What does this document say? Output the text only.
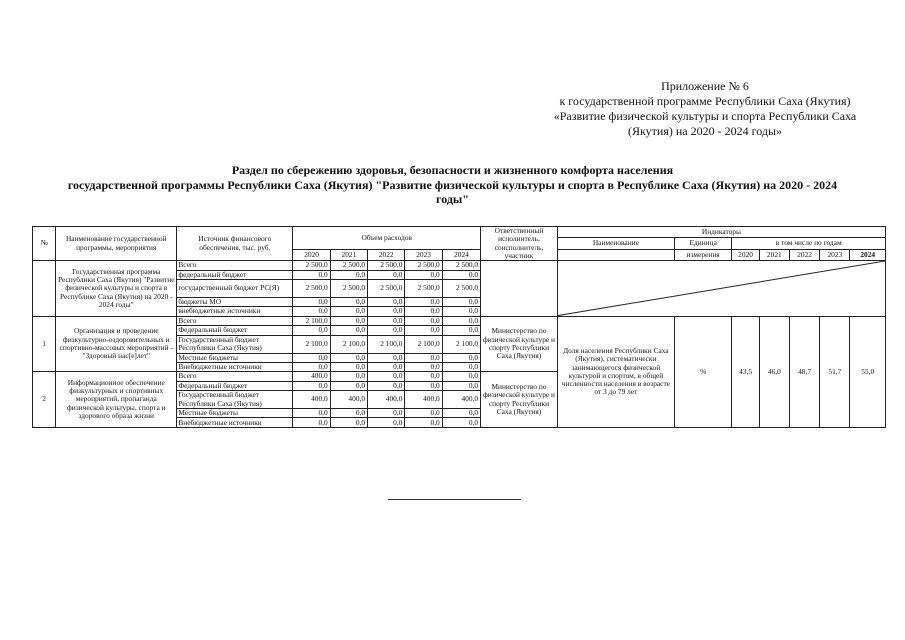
Приложение № 6
к государственной программе Республики Саха (Якутия)
«Развитие физической культуры и спорта Республики Саха
(Якутия) на 2020 - 2024 годы»
Раздел по сбережению здоровья, безопасности и жизненного комфорта населения
государственной программы Республики Саха (Якутия) "Развитие физической культуры и спорта в Республике Саха (Якутия) на 2020 - 2024
годы"
№	Наименование государственной программы, мероприятия	Источник финансового обеспечения, тыс. руб.	Объем расходов					Ответственный исполнитель, соисполнитель, участник	Индикаторы						
									Наименование	Единица	в том числе по годам				

			2020	2021	2022	2023	2024			измерения	2020	2021	2022	2023	2024
	Государственная программа Республики Саха (Якутия) "Развитие физической культуры и спорта в Республике Саха (Якутия) на 2020 - 2024 годы"	Всего	2 500,0	2 500,0	2 500,0	2 500,0	2 500,0		

		федеральный бюджет	0,0	0,0	0,0	0,0	0,0								
		государственный бюджет РС(Я)	2 500,0	2 500,0	2 500,0	2 500,0	2 500,0								
		бюджеты МО	0,0	0,0	0,0	0,0	0,0								
		внебюджетные источники	0,0	0,0	0,0	0,0	0,0								
1	Организация и проведение физкультурно-оздоровительных и спортивно-массовых мероприятий - "Здоровый нас[е]лет"	Всего	2 100,0	0,0	0,0	0,0	0,0	Министерство по физической культуре и спорту Республики Саха (Якутия)	Доля населения Республики Саха (Якутия), систематически занимающегося физической культурой и спортом, в общей численности населения в возрасте от 3 до 79 лет	%	43,5	46,0	48,7	51,7	55,0
		Федеральный бюджет	0,0	0,0	0,0	0,0	0,0								
		Государственный бюджет Республики Саха (Якутия)	2 100,0	2 100,0	2 100,0	2 100,0	2 100,0								
		Местные бюджеты	0,0	0,0	0,0	0,0	0,0								
		Внебюджетные источники	0,0	0,0	0,0	0,0	0,0								
2	Информационное обеспечение физкультурных и спортивных мероприятий, пропаганда физической культуры, спорта и здорового образа жизни	Всего	400,0	0,0	0,0	0,0	0,0	Министерство по физической культуре и спорту Республики Саха (Якутия)							
		Федеральный бюджет	0,0	0,0	0,0	0,0	0,0								
		Государственный бюджет Республики Саха (Якутия)	400,0	400,0	400,0	400,0	400,0								
		Местные бюджеты	0,0	0,0	0,0	0,0	0,0								
		Внебюджетные источники	0,0	0,0	0,0	0,0	0,0								
